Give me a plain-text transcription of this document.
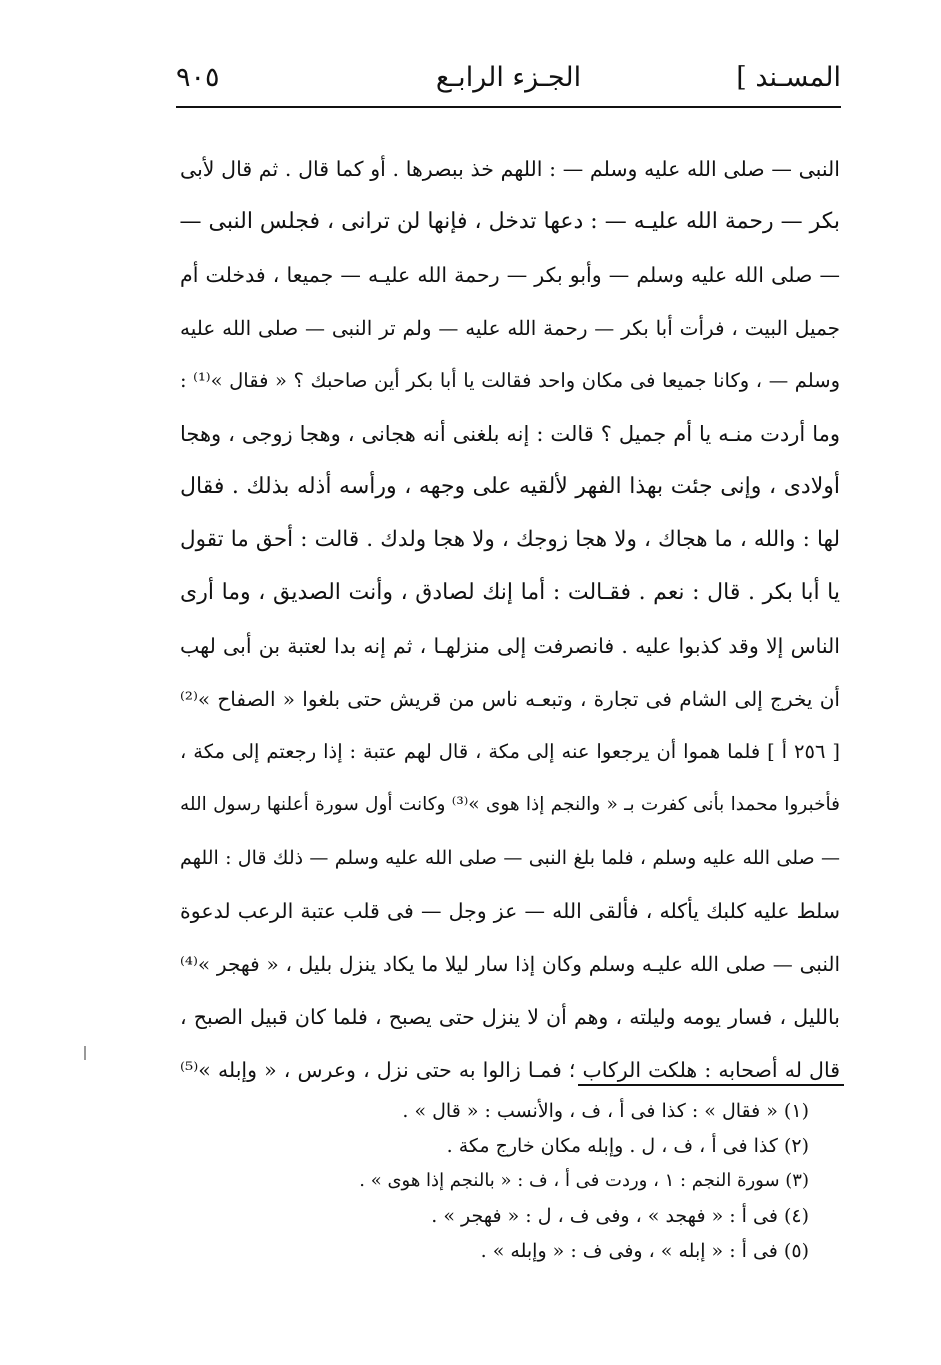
المسـند ]
الجـزء الرابـع
٩٠٥
النبى — صلى الله عليه وسلم — : اللهم خذ ببصرها . أو كما قال . ثم قال لأبى
بكر — رحمة الله عليـه — : دعها تدخل ، فإنها لن ترانى ، فجلس النبى —
— صلى الله عليه وسلم — وأبو بكر — رحمة الله عليـه — جميعا ، فدخلت أم
جميل البيت ، فرأت أبا بكر — رحمة الله عليه — ولم تر النبى — صلى الله عليه
وسلم — ، وكانا جميعا فى مكان واحد فقالت يا أبا بكر أين صاحبك ؟ « فقال »⁽¹⁾ :
وما أردت منـه يا أم جميل ؟ قالت : إنه بلغنى أنه هجانى ، وهجا زوجى ، وهجا
أولادى ، وإنى جئت بهذا الفهر لألقيه على وجهه ، ورأسه أذله بذلك . فقال
لها : والله ، ما هجاك ، ولا هجا زوجك ، ولا هجا ولدك . قالت : أحق ما تقول
يا أبا بكر . قال : نعم . فقـالت : أما إنك لصادق ، وأنت الصديق ، وما أرى
الناس إلا وقد كذبوا عليه . فانصرفت إلى منزلهـا ، ثم إنه بدا لعتبة بن أبى لهب
أن يخرج إلى الشام فى تجارة ، وتبعـه ناس من قريش حتى بلغوا « الصفاح »⁽²⁾
[ ٢٥٦ أ ] فلما هموا أن يرجعوا عنه إلى مكة ، قال لهم عتبة : إذا رجعتم إلى مكة ،
فأخبروا محمدا بأنى كفرت بـ « والنجم إذا هوى »⁽³⁾ وكانت أول سورة أعلنها رسول الله
— صلى الله عليه وسلم ، فلما بلغ النبى — صلى الله عليه وسلم — ذلك قال : اللهم
سلط عليه كلبك يأكله ، فألقى الله — عز وجل — فى قلب عتبة الرعب لدعوة
النبى — صلى الله عليـه وسلم وكان إذا سار ليلا ما يكاد ينزل بليل ، « فهجر »⁽⁴⁾
بالليل ، فسار يومه وليلته ، وهم أن لا ينزل حتى يصبح ، فلما كان قبيل الصبح ،
قال له أصحابه : هلكت الركاب ؛ فمـا زالوا به حتى نزل ، وعرس ، « وإبله »⁽⁵⁾
(١) « فقال » : كذا فى أ ، ف ، والأنسب : « قال » .
(٢) كذا فى أ ، ف ، ل . وإبله مكان خارج مكة .
(٣) سورة النجم : ١ ، وردت فى أ ، ف : « بالنجم إذا هوى » .
(٤) فى أ : « فهجد » ، وفى ف ، ل : « فهجر » .
(٥) فى أ : « إبله » ، وفى ف : « وإبله » .
